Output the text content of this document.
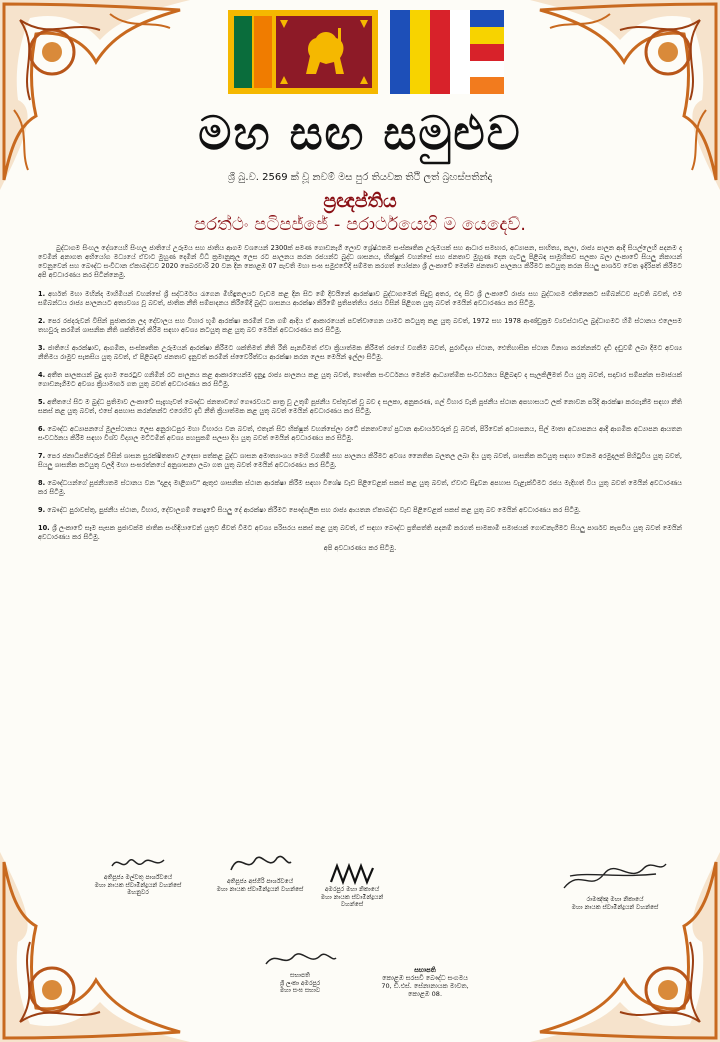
මහ සඟ සමුළුව
ශ්‍රී බු.ව. 2569 ක් වූ නවම් මස පුර තියවක තිථි ලත් බ්‍රහස්පතින්දා
ප්‍රඥප්තිය
පරත්ථං පටිපජ්ජේ - පරාර්ථයෙහි ම යෙදෙව්.

බුද්ධාගම සිංහල දේශයෙහි සිංහල ජාතියේ උරුමය සහ ජාතිය ආගම වශයෙන් 2300ක් පමණ ගොඩනැගී ලොව ශ්‍රේෂ්ඨතම සංස්කෘතික උරුමයක් සහ ආධාර සමභාර, අධ්‍යාපන, සාහිත්‍ය, කලා, රාජ්‍ය පාලන ආදී සියල්ලෙහි පදනම ද වෙමින් අනාගත අභියෝග මධ්‍යයේ ඒවාට මුහුණ දෙමින් විධි ක්‍රමානුකූල ලෙස රට පාලනය කරන රජයන්ට බුද්ධ ශාසනය, භික්ෂූන් වහන්සේ සහ ජනතාව මුහුණ දෙන ගැටලු පිළිබඳ සාමූහිකව සලකා බලා ලංකාවේ සියලු නිකායන් වෙනුවෙන් සහ බෞද්ධ සංවිධාන ඒකාබද්ධව 2020 පෙබරවාරි 20 වන දින කොළඹ 07 පැවති මහා සංඝ සමුළුවේදී සම්මත කරගත් යෝජනා ශ්‍රී ලංකාවේ මෙන්ම ජනතාව පාලනය කිරීමට කටයුතු කරන සියලු පාර්ශව වෙත ඉදිරිපත් කිරීමට අපි අවධාරණය කර සිටින්නෙමු.

1. අර්හත් මහා මහින්ද මාහිමියන් වහන්සේ ශ්‍රී සද්ධර්මය රැගෙන මිහිඳුතලයට වැඩම කළ දින සිට මේ දිවයිනේ ආරක්ෂාව බුද්ධාගමෙන් සිදුවූ අතර, එදා සිට ශ්‍රී ලංකාවේ රාජ්‍ය සහ බුද්ධාගම එකිනෙකට සම්බන්ධව පැවති බවත්, එම සම්බන්ධය රාජ්‍ය පාලනයට අත්‍යවශ්‍ය වූ බවත්, ජාතික නීති සම්පාදනය කිරීමේදී බුද්ධ ශාසනය ආරක්ෂා කිරීමේ ප්‍රතිපත්තිය රජය විසින් පිළිගත යුතු බවත් මෙයින් අවධාරණය කර සිටිමු.
2. පෙර රජදරුවන් විසින් පූජාකරන ලද දේවාලය සහ විහාර භූමි ආරක්ෂා කරමින් වන ගම් ආදිය ඒ ආකාරයෙන් පවත්වාගෙන යාමට කටයුතු කළ යුතු බවත්, 1972 සහ 1978 ආණ්ඩුක්‍රම ව්‍යවස්ථාවල බුද්ධාගමට හිමි ස්ථානය එලෙසම තහවුරු කරමින් ශාසනික නීති ශක්තිමත් කිරීම සඳහා අවශ්‍ය කටයුතු කළ යුතු බව මෙයින් අවධාරණය කර සිටිමු.
3. ජාතියේ ආරක්ෂාව, ආගමික, සංස්කෘතික උරුමයන් ආරක්ෂා කිරීමට ශක්තිමත් නීති රීති පැනවීමත් ඒවා ක්‍රියාත්මක කිරීමත් රජයේ වගකීම බවත්, පුරාවිද්‍යා ස්ථාන, ඓතිහාසික ස්ථාන විනාශ කරන්නන්ට දැඩි දඬුවම් ලබා දීමට අවශ්‍ය නීතිමය රාමුව සැකසිය යුතු බවත්, ඒ පිළිබඳව ජනතාව දැනුවත් කරමින් ස්වෛරීත්වය ආරක්ෂා කරන ලෙස මෙයින් ඉල්ලා සිටිමු.
4. අතීත පාලකයන් බුදු දහම පෙරටුව ගනිමින් රට පාලනය කළ ආකාරයෙන්ම දැනුදු රාජ්‍ය පාලනය කළ යුතු බවත්, භෞතික සංවර්ධනය මෙන්ම ආධ්‍යාත්මික සංවර්ධනය පිළිබඳව ද සැලකිලිමත් විය යුතු බවත්, සදාචාර සම්පන්න සමාජයක් ගොඩනැගීමට අවශ්‍ය ක්‍රියාමාර්ග ගත යුතු බවත් අවධාරණය කර සිටිමු.
5. අතීතයේ සිට ම බුද්ධ ප්‍රතිමාව ලංකාවේ සැදැහැවත් බෞද්ධ ජනතාවගේ ගෞරවයට පාත්‍ර වූ උතුම් පූජනීය වස්තුවක් වූ බව ද සලකා, අනුකරණ, ගල් විහාර වැනි පූජනීය ස්ථාන අපහාසයට ලක් නොවන පරිදි ආරක්ෂා කරගැනීම සඳහා නීති සකස් කළ යුතු බවත්, එසේ අපහාස කරන්නන්ට එරෙහිව දැඩි නීති ක්‍රියාත්මක කළ යුතු බවත් මෙයින් අවධාරණය කර සිටිමු.
6. බෞද්ධ අධ්‍යාපනයේ මූලස්ථානය ලෙස අනුරාධපුර මහා විහාරය වන බවත්, එතැන් සිට භික්ෂූන් වහන්සේලා රටේ ජනතාවගේ ප්‍රධාන ආචාර්යවරුන් වූ බවත්, පිරිවෙන් අධ්‍යාපනය, සිල් මාතා අධ්‍යාපනය ආදී ආගමික අධ්‍යාපන ආයතන සංවර්ධනය කිරීම සඳහා විශ්ව විද්‍යාල මට්ටමින් අවශ්‍ය පහසුකම් සලසා දිය යුතු බවත් මෙයින් අවධාරණය කර සිටිමු.
7. පෙර ජනාධිපතිවරුන් විසින් ශාසන සුරක්ෂිතතාව උදෙසා පත්කළ බුද්ධ ශාසන අමාත්‍යාංශය මෙහි වගකීම් සහ පාලනය කිරීමට අවශ්‍ය නෛතික බලතල ලබා දිය යුතු බවත්, ශාසනික කටයුතු සඳහා වෙනම අරමුදලක් පිහිටුවිය යුතු බවත්, සියලු ශාසනික කටයුතු වලදී මහා සංඝරත්නයේ අනුශාසනා ලබා ගත යුතු බවත් මෙයින් අවධාරණය කර සිටිමු.
8. බෞද්ධයන්ගේ පූජනීයතම ස්ථානය වන "දළදා මාළිගාව" ඇතුළු ශාසනික ස්ථාන ආරක්ෂා කිරීම සඳහා විශේෂ වැඩ පිළිවෙළක් සකස් කළ යුතු බවත්, ඒවාට සිදුවන අපහාස වැළැක්වීමට රජය මැදිහත් විය යුතු බවත් මෙයින් අවධාරණය කර සිටිමු.
9. බෞද්ධ පුරාවස්තු, පුජනීය ස්ථාන, විහාර, දේවාලගම් පොදුවේ සියලු දේ ආරක්ෂා කිරීමට පෞද්ගලික සහ රාජ්‍ය ආයතන ඒකාබද්ධ වැඩ පිළිවෙළක් සකස් කළ යුතු බව මෙයින් අවධාරණය කර සිටිමු.
10. ශ්‍රී ලංකාවේ සෑම සැසක ප්‍රජාවක්ම ජාතික සංහිඳියාවෙන් යුතුව ජීවත් වීමට අවශ්‍ය පරිසරය සකස් කළ යුතු බවත්, ඒ සඳහා බෞද්ධ ප්‍රතිපත්ති පදනම් කරගත් සාමකාමී සමාජයක් ගොඩනැගීමට සියලු පාර්ශව කැපවිය යුතු බවත් මෙයින් අවධාරණය කර සිටිමු.

අපි අවධාරණය කර සිටිමු.

අතිපූජ්‍ය මල්වතු පාර්ශ්වයේ
මහා නායක ස්වාමීන්ද්‍රයන් වහන්සේ
මහනුවර
අතිපූජ්‍ය අස්ගිරි පාර්ශ්වයේ
මහා නායක ස්වාමීන්ද්‍රයන් වහන්සේ	අමරපුර මහා නිකායේ
මහා නායක ස්වාමීන්ද්‍රයන් වහන්සේ
රාමඤ්ඤ මහා නිකායේ
මහා නායක ස්වාමීන්ද්‍රයන් වහන්සේ
සභාපති
ශ්‍රී ලංකා අමරපුර
මහා සංඝ සභාව
සභාපති
කොළඹ සරසවි බෞද්ධ සංගමය
70, ඩී.එස්. සේනානායක මාවත,
කොළඹ 08.
